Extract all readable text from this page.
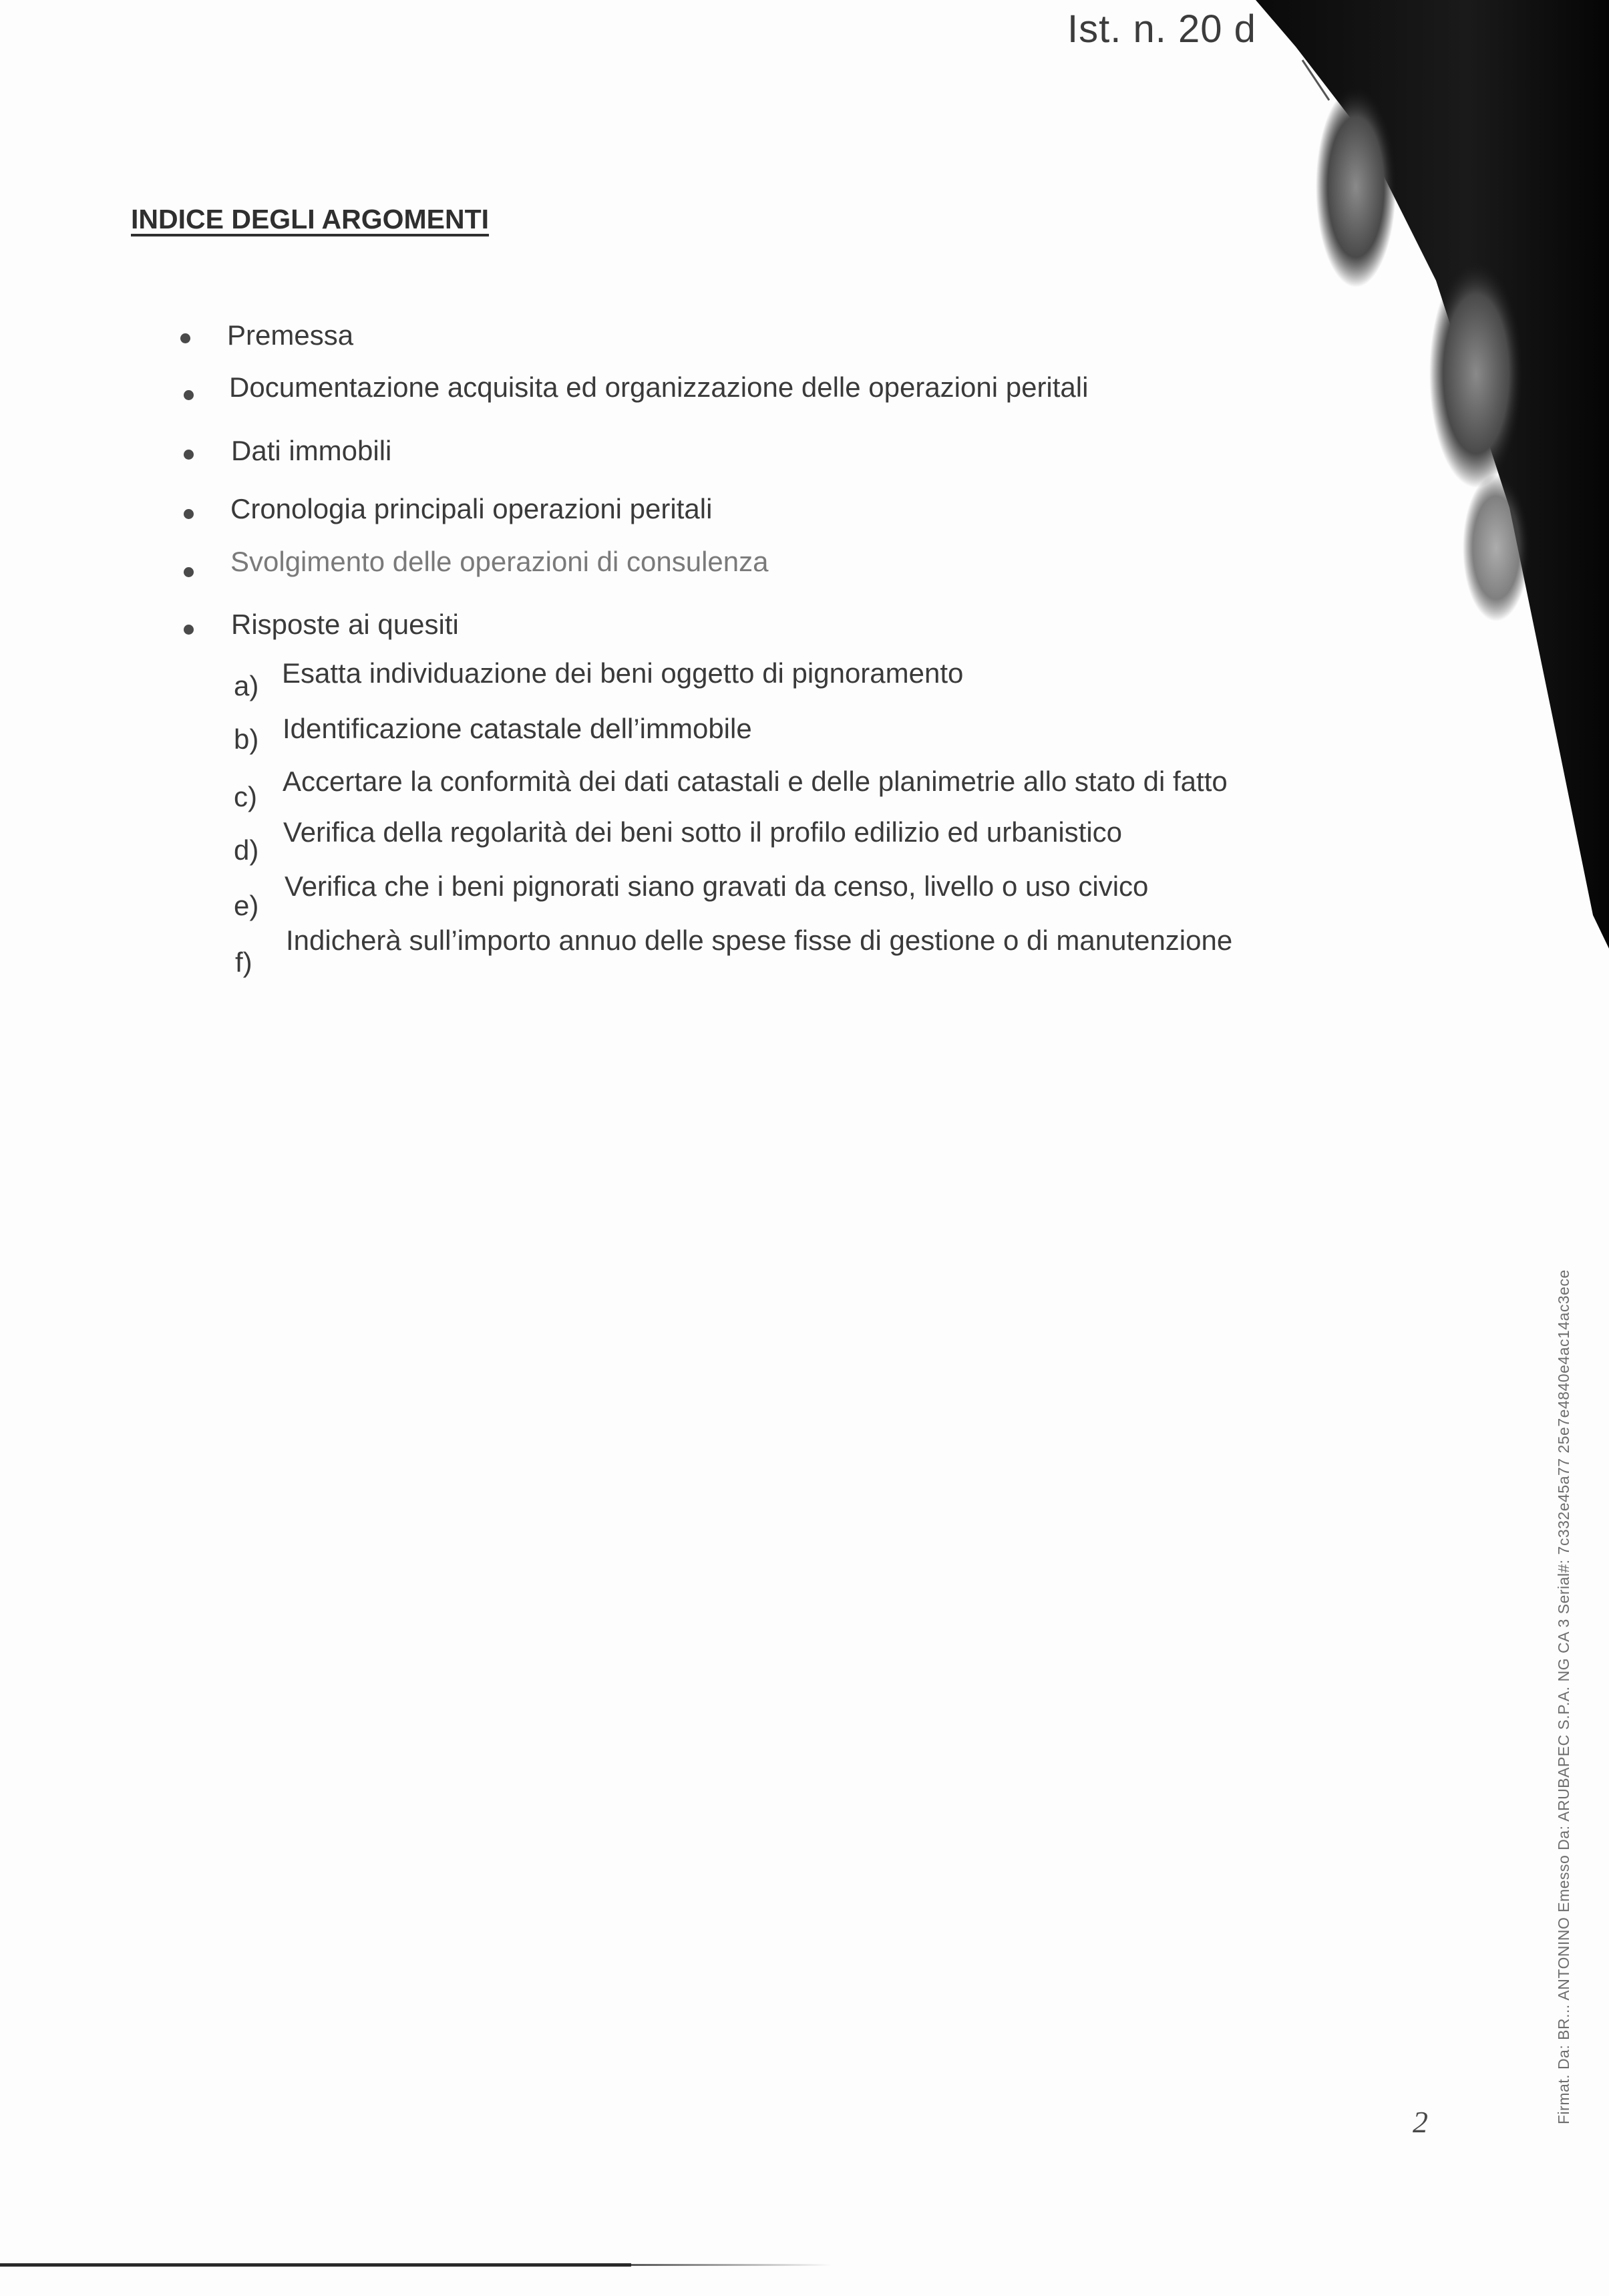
Ist. n. 20 d
INDICE DEGLI ARGOMENTI
Premessa
Documentazione acquisita ed organizzazione delle operazioni peritali
Dati immobili
Cronologia principali operazioni peritali
Svolgimento delle operazioni di consulenza
Risposte ai quesiti
a) Esatta individuazione dei beni oggetto di pignoramento
b) Identificazione catastale dell’immobile
c) Accertare la conformità dei dati catastali e delle planimetrie allo stato di fatto
d)
Verifica della regolarità dei beni sotto il profilo edilizio ed urbanistico
e)
Verifica che i beni pignorati siano gravati da censo, livello o uso civico
f)
Indicherà sull’importo annuo delle spese fisse di gestione o di manutenzione
Firmat. Da: BR... ANTONINO Emesso Da: ARUBAPEC S.P.A. NG CA 3 Serial#: 7c332e45a77 25e7e4840e4ac14ac3ece
2
